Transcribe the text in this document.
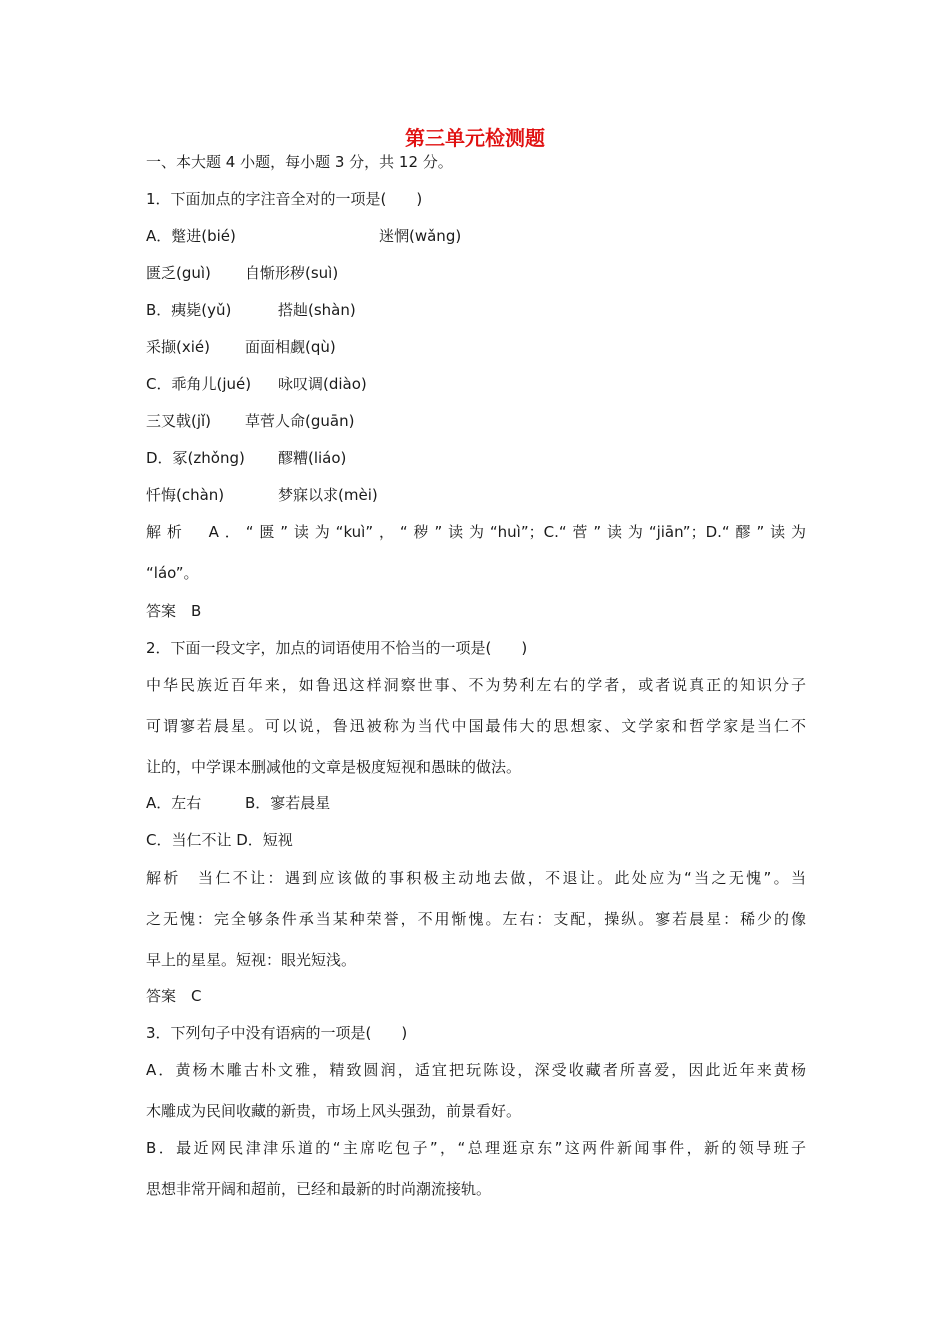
第三单元检测题
一、本大题 4 小题，每小题 3 分，共 12 分。
1．下面加点的字注音全对的一项是(　　)
A．蹩进(bié)	迷惘(wǎng)
匮乏(guì) 自惭形秽(suì)
B．痍毙(yǔ)	搭赸(shàn)
采撷(xié) 面面相觑(qù)
C．乖角儿(jué) 咏叹调(diào)
三叉戟(jǐ) 草菅人命(guān)
D．冢(zhǒng) 醪糟(liáo)
忏悔(chàn)	梦寐以求(mèi)
解析　A．“匮”读为“kuì”，“秽”读为“huì”；C.“菅”读为“jiān”；D.“醪”读为
“láo”。
答案　B
2．下面一段文字，加点的词语使用不恰当的一项是(　　)
中华民族近百年来，如鲁迅这样洞察世事、不为势利左右的学者，或者说真正的知识分子
可谓寥若晨星。可以说，鲁迅被称为当代中国最伟大的思想家、文学家和哲学家是当仁不
让的，中学课本删减他的文章是极度短视和愚昧的做法。
A．左右	B．寥若晨星
C．当仁不让 D．短视
解析　当仁不让：遇到应该做的事积极主动地去做，不退让。此处应为“当之无愧”。当
之无愧：完全够条件承当某种荣誉，不用惭愧。左右：支配，操纵。寥若晨星：稀少的像
早上的星星。短视：眼光短浅。
答案　C
3．下列句子中没有语病的一项是(　　)
A．黄杨木雕古朴文雅，精致圆润，适宜把玩陈设，深受收藏者所喜爱，因此近年来黄杨
木雕成为民间收藏的新贵，市场上风头强劲，前景看好。
B．最近网民津津乐道的“主席吃包子”，“总理逛京东”这两件新闻事件，新的领导班子
思想非常开阔和超前，已经和最新的时尚潮流接轨。
